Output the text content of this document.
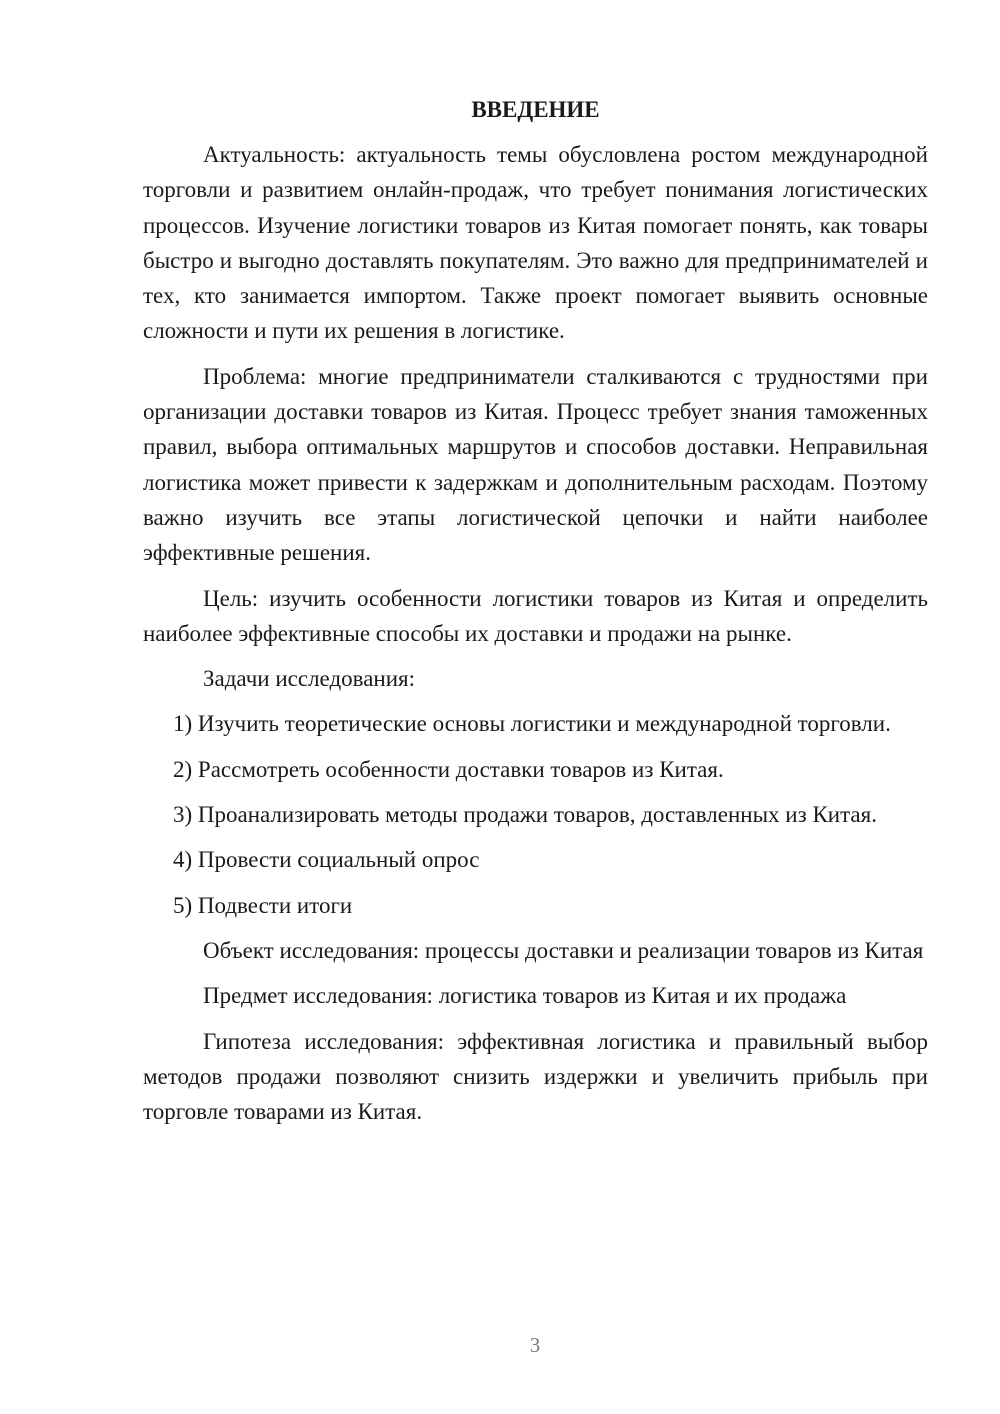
ВВЕДЕНИЕ

Актуальность: актуальность темы обусловлена ростом международной торговли и развитием онлайн-продаж, что требует понимания логистических процессов. Изучение логистики товаров из Китая помогает понять, как товары быстро и выгодно доставлять покупателям. Это важно для предпринимателей и тех, кто занимается импортом. Также проект помогает выявить основные сложности и пути их решения в логистике.

Проблема: многие предприниматели сталкиваются с трудностями при организации доставки товаров из Китая. Процесс требует знания таможенных правил, выбора оптимальных маршрутов и способов доставки. Неправильная логистика может привести к задержкам и дополнительным расходам. Поэтому важно изучить все этапы логистической цепочки и найти наиболее эффективные решения.

Цель: изучить особенности логистики товаров из Китая и определить наиболее эффективные способы их доставки и продажи на рынке.

Задачи исследования:

1) Изучить теоретические основы логистики и международной торговли.

2) Рассмотреть особенности доставки товаров из Китая.

3) Проанализировать методы продажи товаров, доставленных из Китая.

4) Провести социальный опрос

5) Подвести итоги

Объект исследования: процессы доставки и реализации товаров из Китая

Предмет исследования: логистика товаров из Китая и их продажа

Гипотеза исследования: эффективная логистика и правильный выбор методов продажи позволяют снизить издержки и увеличить прибыль при торговле товарами из Китая.

3
